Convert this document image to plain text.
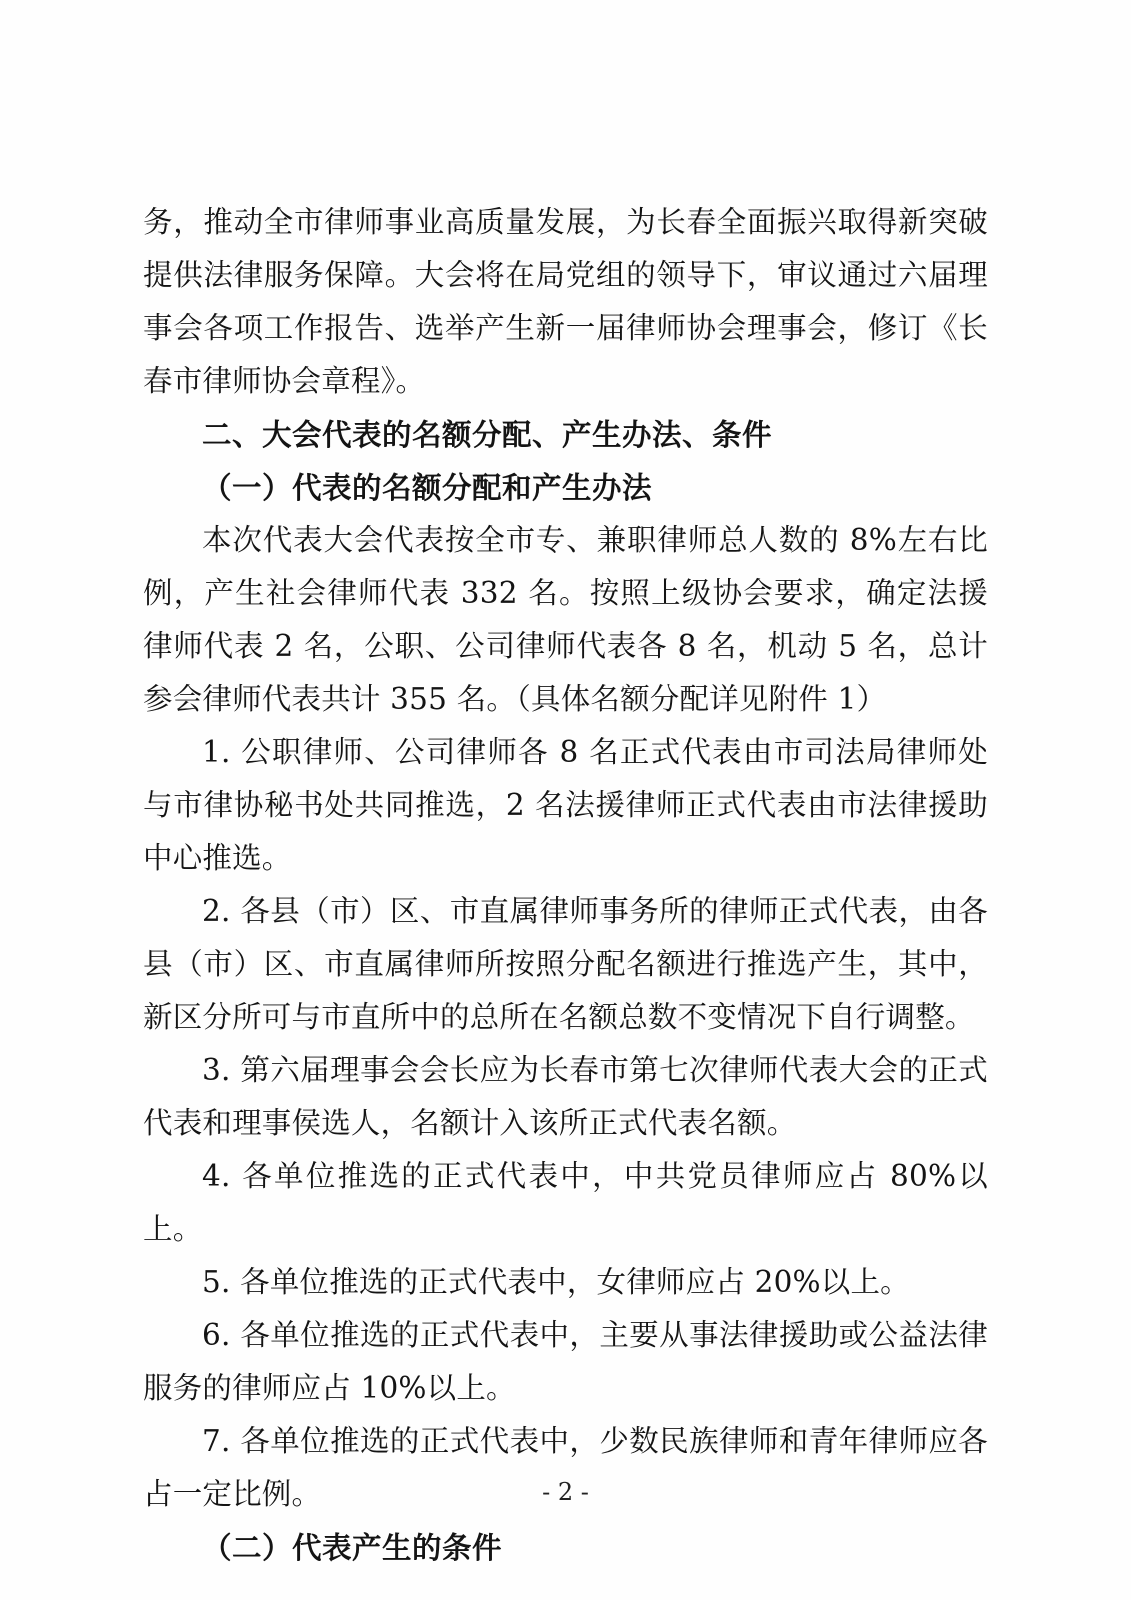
务，推动全市律师事业高质量发展，为长春全面振兴取得新突破提供法律服务保障。大会将在局党组的领导下，审议通过六届理事会各项工作报告、选举产生新一届律师协会理事会，修订《长春市律师协会章程》。

二、大会代表的名额分配、产生办法、条件

（一）代表的名额分配和产生办法

本次代表大会代表按全市专、兼职律师总人数的 8%左右比例，产生社会律师代表 332 名。按照上级协会要求，确定法援律师代表 2 名，公职、公司律师代表各 8 名，机动 5 名，总计参会律师代表共计 355 名。（具体名额分配详见附件 1）

1. 公职律师、公司律师各 8 名正式代表由市司法局律师处与市律协秘书处共同推选，2 名法援律师正式代表由市法律援助中心推选。

2. 各县（市）区、市直属律师事务所的律师正式代表，由各县（市）区、市直属律师所按照分配名额进行推选产生，其中，新区分所可与市直所中的总所在名额总数不变情况下自行调整。

3. 第六届理事会会长应为长春市第七次律师代表大会的正式代表和理事侯选人，名额计入该所正式代表名额。

4. 各单位推选的正式代表中，中共党员律师应占 80%以上。

5. 各单位推选的正式代表中，女律师应占 20%以上。

6. 各单位推选的正式代表中，主要从事法律援助或公益法律服务的律师应占 10%以上。

7. 各单位推选的正式代表中，少数民族律师和青年律师应各占一定比例。

（二）代表产生的条件

- 2 -
